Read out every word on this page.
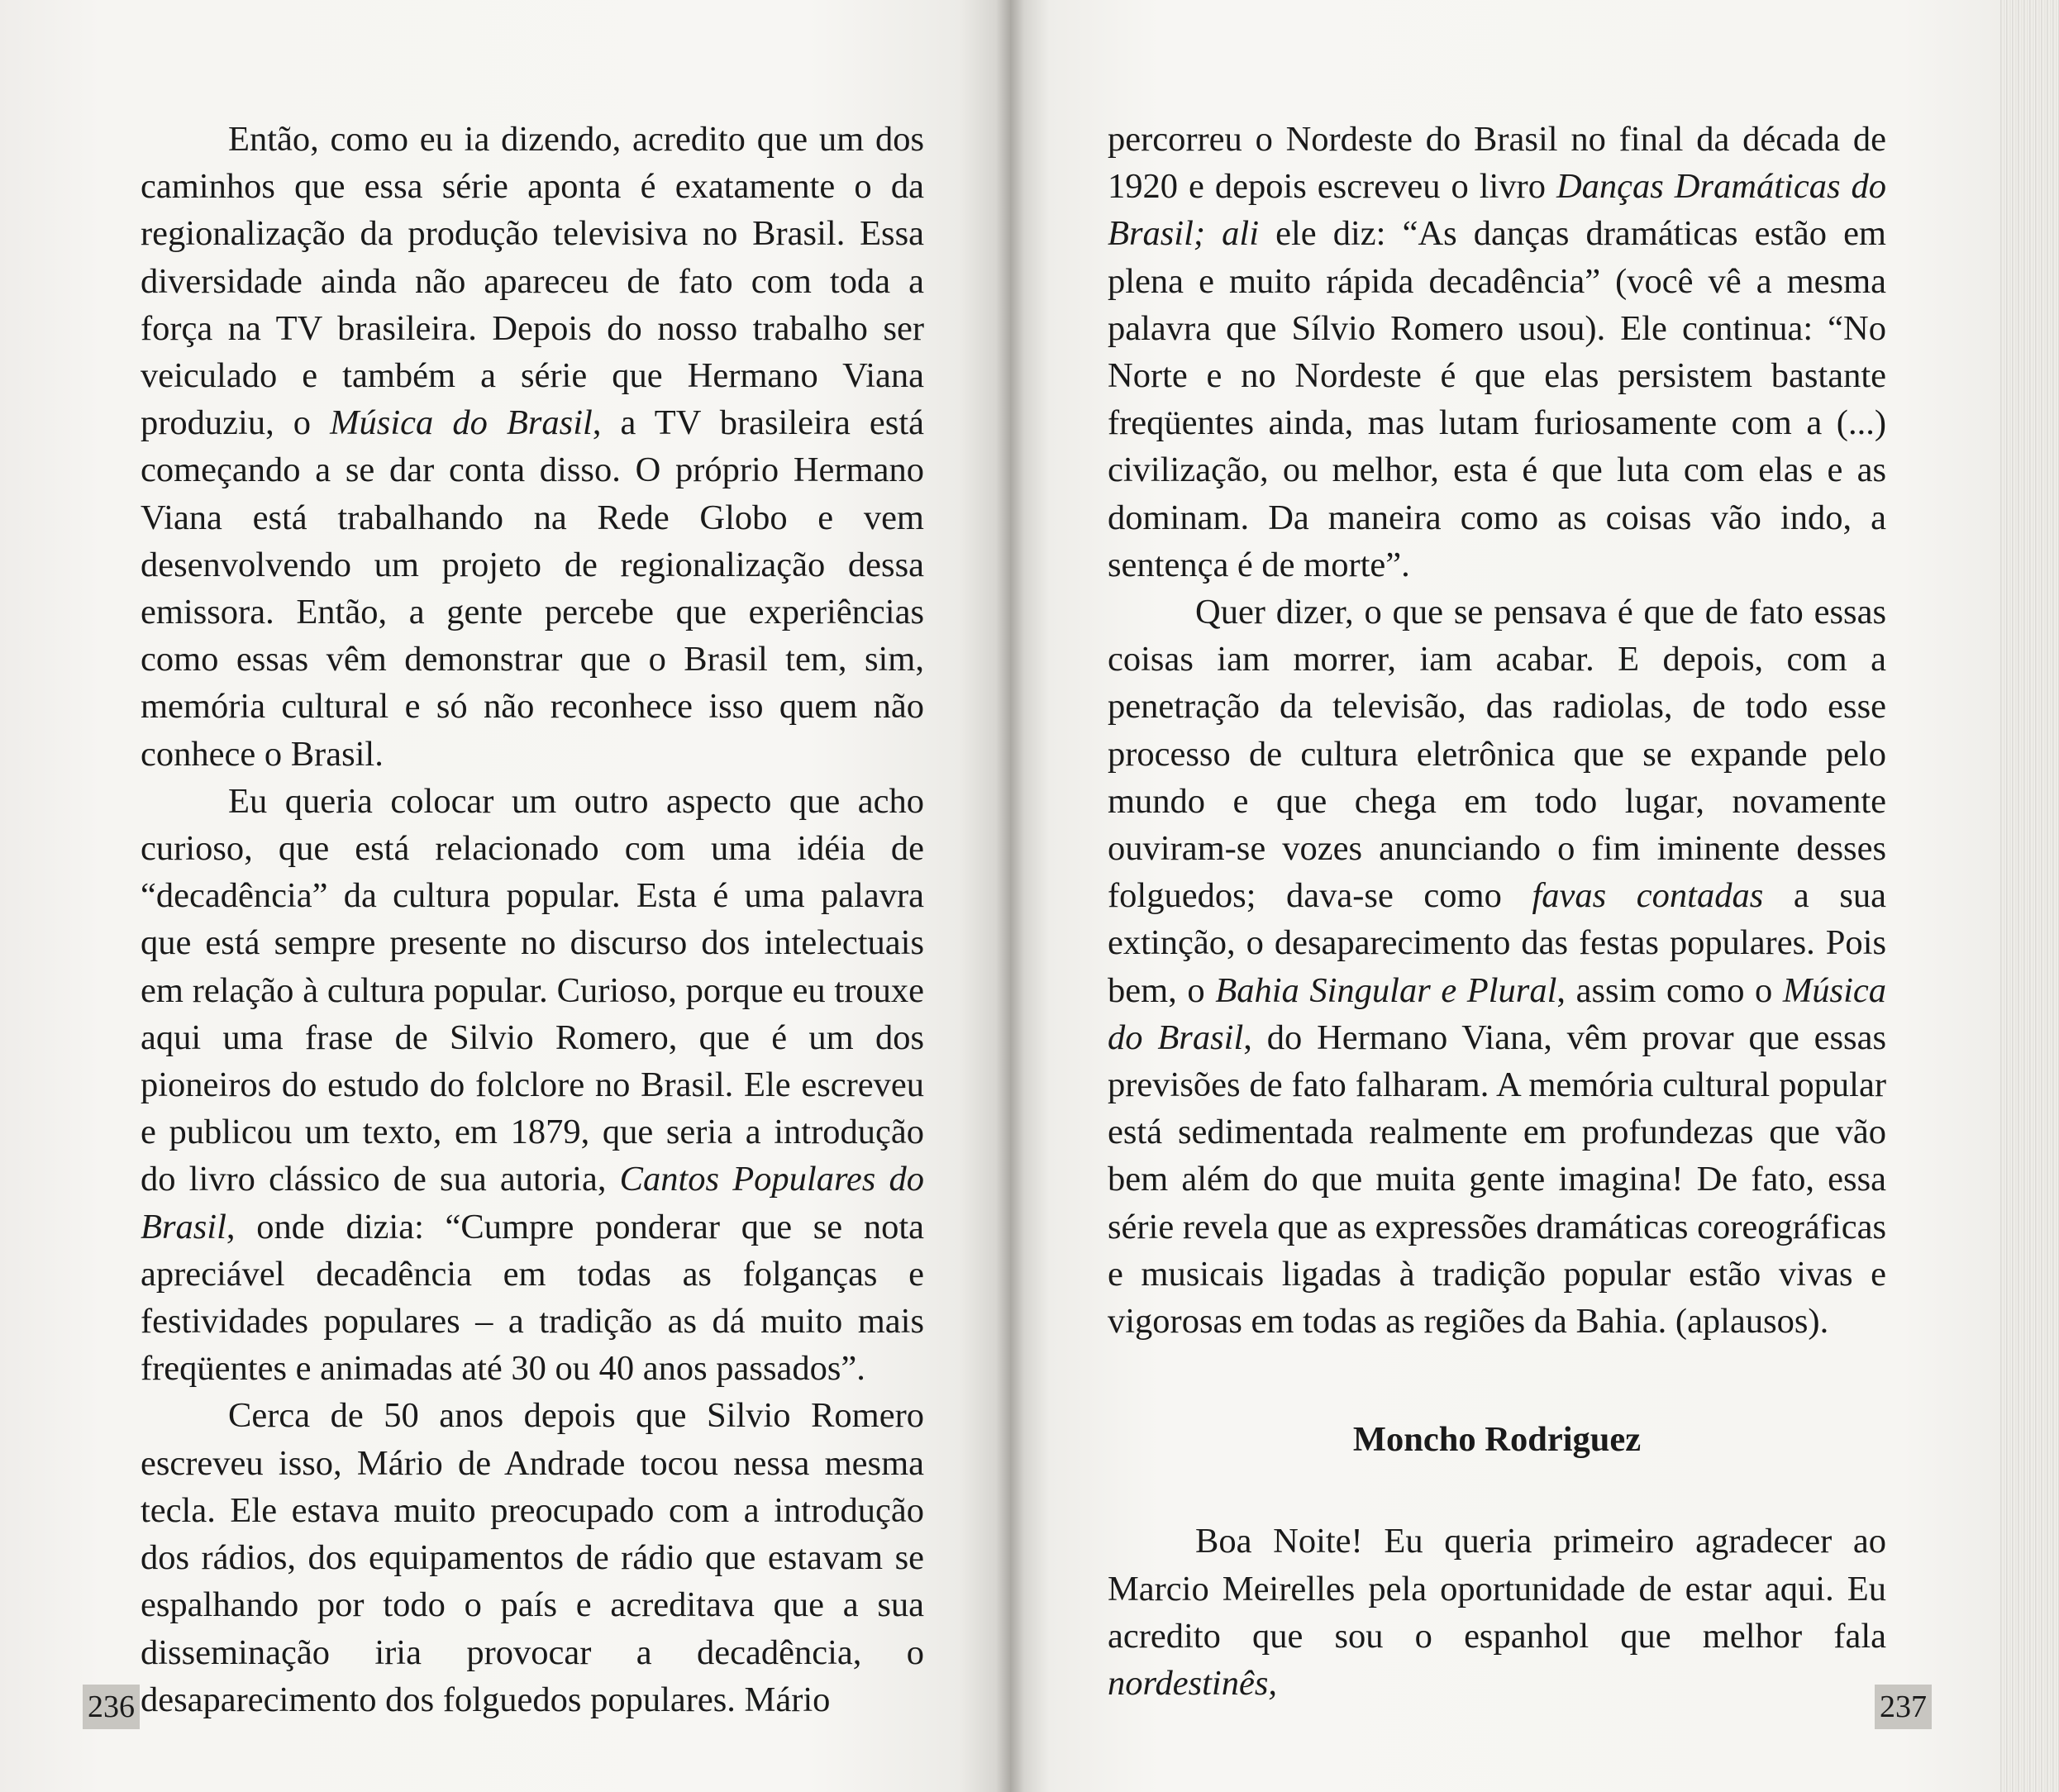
Então, como eu ia dizendo, acredito que um dos caminhos que essa série aponta é exatamente o da regionalização da produção televisiva no Brasil. Essa diversidade ainda não apareceu de fato com toda a força na TV brasileira. Depois do nosso trabalho ser veiculado e também a série que Hermano Viana produziu, o Música do Brasil, a TV brasileira está começando a se dar conta disso. O próprio Hermano Viana está trabalhando na Rede Globo e vem desenvolvendo um projeto de regionalização dessa emissora. Então, a gente percebe que experiências como essas vêm demonstrar que o Brasil tem, sim, memória cultural e só não reconhece isso quem não conhece o Brasil.

Eu queria colocar um outro aspecto que acho curioso, que está relacionado com uma idéia de “decadência” da cultura popular. Esta é uma palavra que está sempre presente no discurso dos intelectuais em relação à cultura popular. Curioso, porque eu trouxe aqui uma frase de Silvio Romero, que é um dos pioneiros do estudo do folclore no Brasil. Ele escreveu e publicou um texto, em 1879, que seria a introdução do livro clássico de sua autoria, Cantos Populares do Brasil, onde dizia: “Cumpre ponderar que se nota apreciável decadência em todas as folganças e festividades populares – a tradição as dá muito mais freqüentes e animadas até 30 ou 40 anos passados”.

Cerca de 50 anos depois que Silvio Romero escreveu isso, Mário de Andrade tocou nessa mesma tecla. Ele estava muito preocupado com a introdução dos rádios, dos equipamentos de rádio que estavam se espalhando por todo o país e acreditava que a sua disseminação iria provocar a decadência, o desaparecimento dos folguedos populares. Mário

236

percorreu o Nordeste do Brasil no final da década de 1920 e depois escreveu o livro Danças Dramáticas do Brasil; ali ele diz: “As danças dramáticas estão em plena e muito rápida decadência” (você vê a mesma palavra que Sílvio Romero usou). Ele continua: “No Norte e no Nordeste é que elas persistem bastante freqüentes ainda, mas lutam furiosamente com a (...) civilização, ou melhor, esta é que luta com elas e as dominam. Da maneira como as coisas vão indo, a sentença é de morte”.

Quer dizer, o que se pensava é que de fato essas coisas iam morrer, iam acabar. E depois, com a penetração da televisão, das radiolas, de todo esse processo de cultura eletrônica que se expande pelo mundo e que chega em todo lugar, novamente ouviram-se vozes anunciando o fim iminente desses folguedos; dava-se como favas contadas a sua extinção, o desaparecimento das festas populares. Pois bem, o Bahia Singular e Plural, assim como o Música do Brasil, do Hermano Viana, vêm provar que essas previsões de fato falharam. A memória cultural popular está sedimentada realmente em profundezas que vão bem além do que muita gente imagina! De fato, essa série revela que as expressões dramáticas coreográficas e musicais ligadas à tradição popular estão vivas e vigorosas em todas as regiões da Bahia. (aplausos).

Moncho Rodriguez

Boa Noite! Eu queria primeiro agradecer ao Marcio Meirelles pela oportunidade de estar aqui. Eu acredito que sou o espanhol que melhor fala nordestinês,

237
